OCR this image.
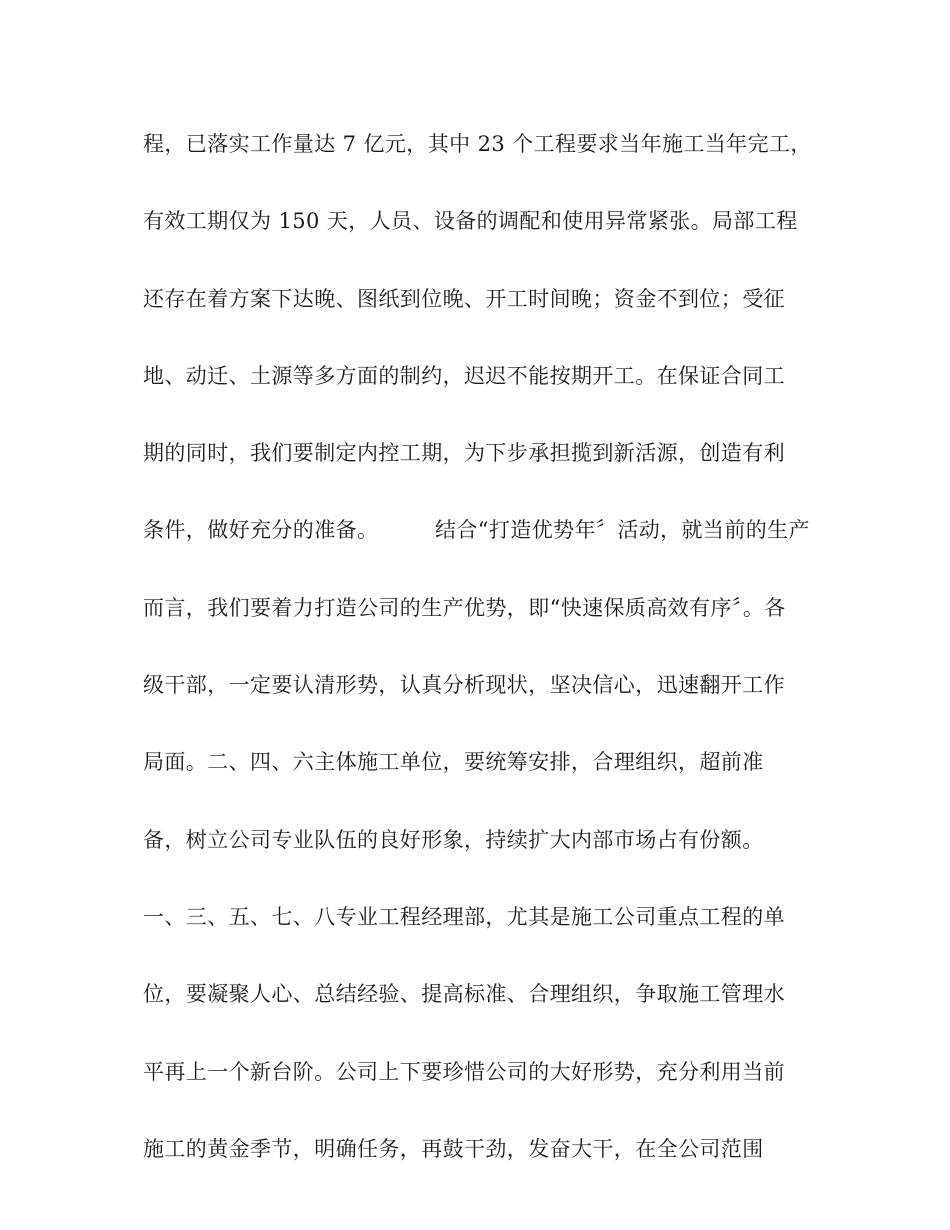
程，已落实工作量达 7 亿元，其中 23 个工程要求当年施工当年完工，
有效工期仅为 150 天，人员、设备的调配和使用异常紧张。局部工程
还存在着方案下达晚、图纸到位晚、开工时间晚；资金不到位；受征
地、动迁、土源等多方面的制约，迟迟不能按期开工。在保证合同工
期的同时，我们要制定内控工期，为下步承担揽到新活源，创造有利
条件，做好充分的准备。        结合“打造优势年〞活动，就当前的生产
而言，我们要着力打造公司的生产优势，即“快速保质高效有序〞。各
级干部，一定要认清形势，认真分析现状，坚决信心，迅速翻开工作
局面。二、四、六主体施工单位，要统筹安排，合理组织，超前准
备，树立公司专业队伍的良好形象，持续扩大内部市场占有份额。
一、三、五、七、八专业工程经理部，尤其是施工公司重点工程的单
位，要凝聚人心、总结经验、提高标准、合理组织，争取施工管理水
平再上一个新台阶。公司上下要珍惜公司的大好形势，充分利用当前
施工的黄金季节，明确任务，再鼓干劲，发奋大干，在全公司范围
